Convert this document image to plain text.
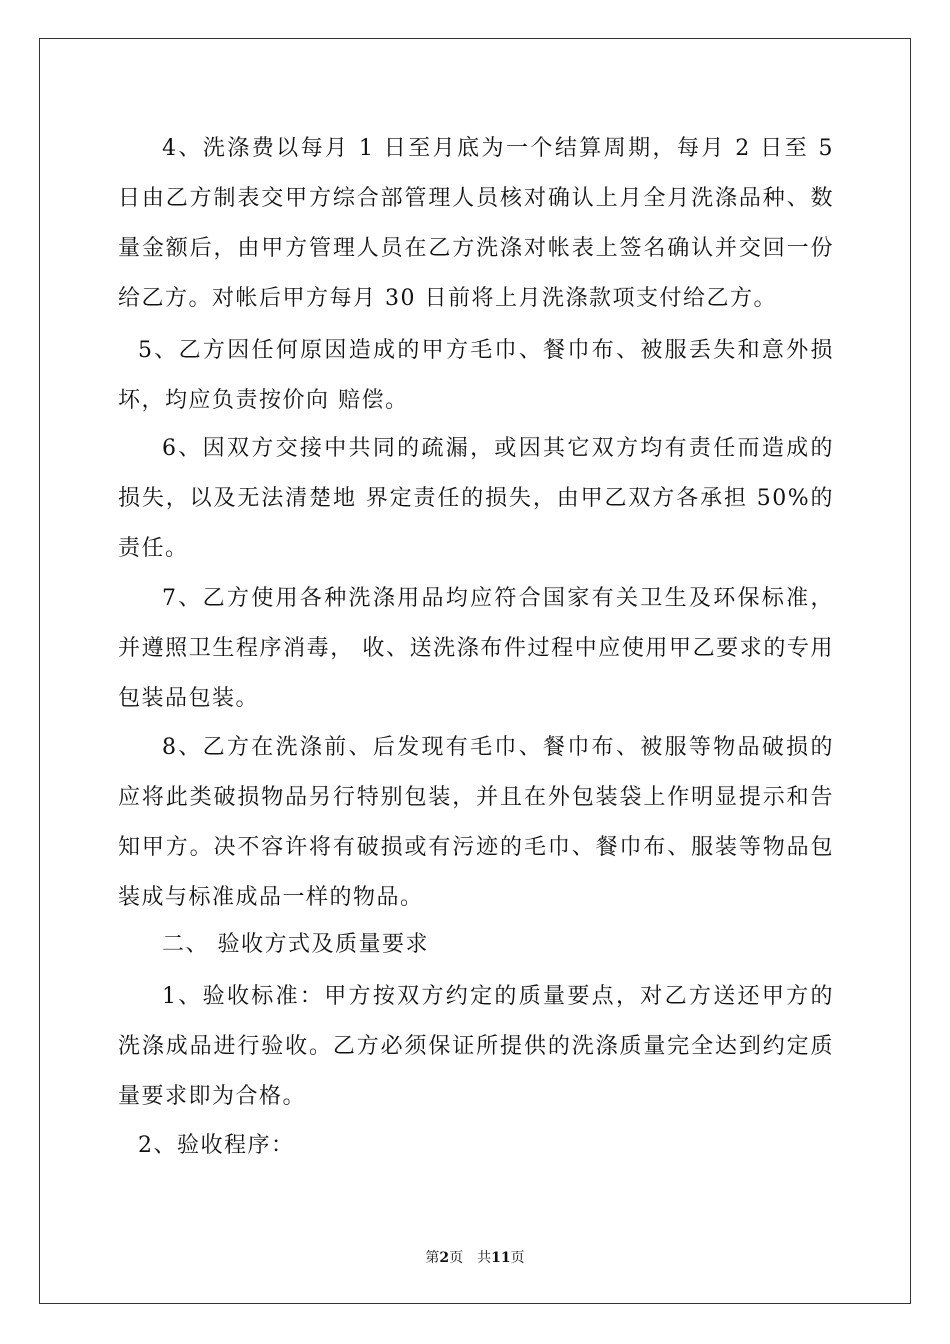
4、洗涤费以每月 1 日至月底为一个结算周期，每月 2 日至 5 日由乙方制表交甲方综合部管理人员核对确认上月全月洗涤品种、数量金额后，由甲方管理人员在乙方洗涤对帐表上签名确认并交回一份给乙方。对帐后甲方每月 30 日前将上月洗涤款项支付给乙方。

5、乙方因任何原因造成的甲方毛巾、餐巾布、被服丢失和意外损坏，均应负责按价向 赔偿。

6、因双方交接中共同的疏漏，或因其它双方均有责任而造成的损失，以及无法清楚地 界定责任的损失，由甲乙双方各承担 50%的责任。

7、乙方使用各种洗涤用品均应符合国家有关卫生及环保标准，并遵照卫生程序消毒， 收、送洗涤布件过程中应使用甲乙要求的专用包装品包装。

8、乙方在洗涤前、后发现有毛巾、餐巾布、被服等物品破损的应将此类破损物品另行特别包装，并且在外包装袋上作明显提示和告知甲方。决不容许将有破损或有污迹的毛巾、餐巾布、服装等物品包装成与标准成品一样的物品。

二、 验收方式及质量要求

1、验收标准：甲方按双方约定的质量要点，对乙方送还甲方的洗涤成品进行验收。乙方必须保证所提供的洗涤质量完全达到约定质量要求即为合格。

2、验收程序：

第2页　共11页
